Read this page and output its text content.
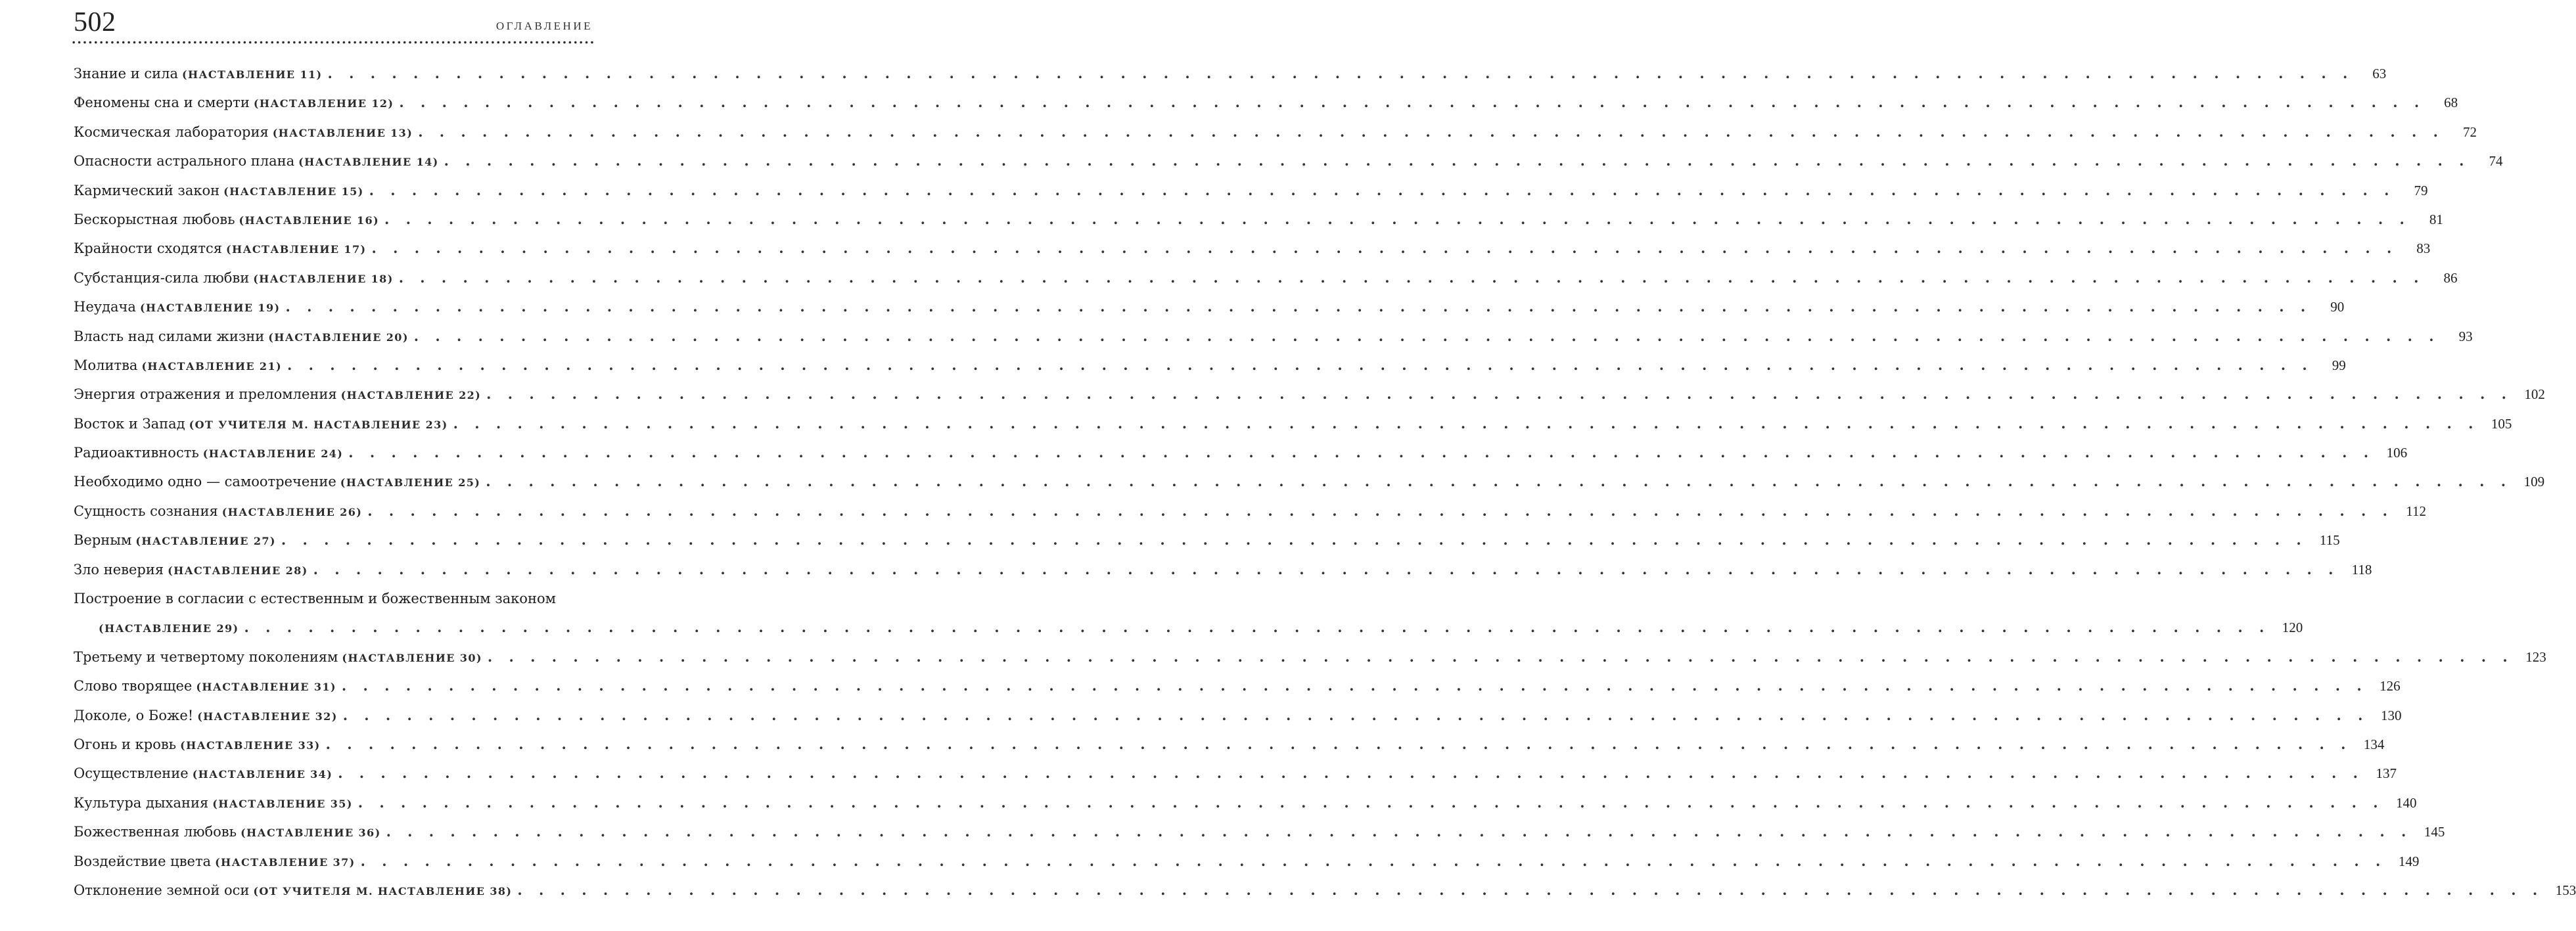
502	ОГЛАВЛЕНИЕ
Знание и сила (НАСТАВЛЕНИЕ 11) . . . . . . . . . . . . . . . . . . . . . . . . . . . . . . . . . . . . . . . . . . . . . . . . . . . . . . . . . . . . . . . . . . . . . . . . . . . . . . . . . . . . . . . . . . . . . . .	63
Феномены сна и смерти (НАСТАВЛЕНИЕ 12) . . . . . . . . . . . . . . . . . . . . . . . . . . . . . . . . . . . . . . . . . . . . . . . . . . . . . . . . . . . . . . . . . . . . . . . . . . . . . . . . . . . . . . . . . . . . . . .	68
Космическая лаборатория (НАСТАВЛЕНИЕ 13) . . . . . . . . . . . . . . . . . . . . . . . . . . . . . . . . . . . . . . . . . . . . . . . . . . . . . . . . . . . . . . . . . . . . . . . . . . . . . . . . . . . . . . . . . . . . . . .	72
Опасности астрального плана (НАСТАВЛЕНИЕ 14) . . . . . . . . . . . . . . . . . . . . . . . . . . . . . . . . . . . . . . . . . . . . . . . . . . . . . . . . . . . . . . . . . . . . . . . . . . . . . . . . . . . . . . . . . . . . . . .	74
Кармический закон (НАСТАВЛЕНИЕ 15) . . . . . . . . . . . . . . . . . . . . . . . . . . . . . . . . . . . . . . . . . . . . . . . . . . . . . . . . . . . . . . . . . . . . . . . . . . . . . . . . . . . . . . . . . . . . . . .	79
Бескорыстная любовь (НАСТАВЛЕНИЕ 16) . . . . . . . . . . . . . . . . . . . . . . . . . . . . . . . . . . . . . . . . . . . . . . . . . . . . . . . . . . . . . . . . . . . . . . . . . . . . . . . . . . . . . . . . . . . . . . .	81
Крайности сходятся (НАСТАВЛЕНИЕ 17) . . . . . . . . . . . . . . . . . . . . . . . . . . . . . . . . . . . . . . . . . . . . . . . . . . . . . . . . . . . . . . . . . . . . . . . . . . . . . . . . . . . . . . . . . . . . . . .	83
Субстанция-сила любви (НАСТАВЛЕНИЕ 18) . . . . . . . . . . . . . . . . . . . . . . . . . . . . . . . . . . . . . . . . . . . . . . . . . . . . . . . . . . . . . . . . . . . . . . . . . . . . . . . . . . . . . . . . . . . . . . .	86
Неудача (НАСТАВЛЕНИЕ 19) . . . . . . . . . . . . . . . . . . . . . . . . . . . . . . . . . . . . . . . . . . . . . . . . . . . . . . . . . . . . . . . . . . . . . . . . . . . . . . . . . . . . . . . . . . . . . . .	90
Власть над силами жизни (НАСТАВЛЕНИЕ 20) . . . . . . . . . . . . . . . . . . . . . . . . . . . . . . . . . . . . . . . . . . . . . . . . . . . . . . . . . . . . . . . . . . . . . . . . . . . . . . . . . . . . . . . . . . . . . . .	93
Молитва (НАСТАВЛЕНИЕ 21) . . . . . . . . . . . . . . . . . . . . . . . . . . . . . . . . . . . . . . . . . . . . . . . . . . . . . . . . . . . . . . . . . . . . . . . . . . . . . . . . . . . . . . . . . . . . . . .	99
Энергия отражения и преломления (НАСТАВЛЕНИЕ 22) . . . . . . . . . . . . . . . . . . . . . . . . . . . . . . . . . . . . . . . . . . . . . . . . . . . . . . . . . . . . . . . . . . . . . . . . . . . . . . . . . . . . . . . . . . . . . . . 102
Восток и Запад (ОТ УЧИТЕЛЯ М. НАСТАВЛЕНИЕ 23) . . . . . . . . . . . . . . . . . . . . . . . . . . . . . . . . . . . . . . . . . . . . . . . . . . . . . . . . . . . . . . . . . . . . . . . . . . . . . . . . . . . . . . . . . . . . . . . 105
Радиоактивность (НАСТАВЛЕНИЕ 24) . . . . . . . . . . . . . . . . . . . . . . . . . . . . . . . . . . . . . . . . . . . . . . . . . . . . . . . . . . . . . . . . . . . . . . . . . . . . . . . . . . . . . . . . . . . . . . . 106
Необходимо одно — самоотречение (НАСТАВЛЕНИЕ 25) . . . . . . . . . . . . . . . . . . . . . . . . . . . . . . . . . . . . . . . . . . . . . . . . . . . . . . . . . . . . . . . . . . . . . . . . . . . . . . . . . . . . . . . . . . . . . . . 109
Сущность сознания (НАСТАВЛЕНИЕ 26) . . . . . . . . . . . . . . . . . . . . . . . . . . . . . . . . . . . . . . . . . . . . . . . . . . . . . . . . . . . . . . . . . . . . . . . . . . . . . . . . . . . . . . . . . . . . . . . 112
Верным (НАСТАВЛЕНИЕ 27) . . . . . . . . . . . . . . . . . . . . . . . . . . . . . . . . . . . . . . . . . . . . . . . . . . . . . . . . . . . . . . . . . . . . . . . . . . . . . . . . . . . . . . . . . . . . . . . 115
Зло неверия (НАСТАВЛЕНИЕ 28) . . . . . . . . . . . . . . . . . . . . . . . . . . . . . . . . . . . . . . . . . . . . . . . . . . . . . . . . . . . . . . . . . . . . . . . . . . . . . . . . . . . . . . . . . . . . . . . 118
Построение в согласии с естественным и божественным законом
(НАСТАВЛЕНИЕ 29) . . . . . . . . . . . . . . . . . . . . . . . . . . . . . . . . . . . . . . . . . . . . . . . . . . . . . . . . . . . . . . . . . . . . . . . . . . . . . . . . . . . . . . . . . . . . . . . 120
Третьему и четвертому поколениям (НАСТАВЛЕНИЕ 30) . . . . . . . . . . . . . . . . . . . . . . . . . . . . . . . . . . . . . . . . . . . . . . . . . . . . . . . . . . . . . . . . . . . . . . . . . . . . . . . . . . . . . . . . . . . . . . . 123
Слово творящее (НАСТАВЛЕНИЕ 31) . . . . . . . . . . . . . . . . . . . . . . . . . . . . . . . . . . . . . . . . . . . . . . . . . . . . . . . . . . . . . . . . . . . . . . . . . . . . . . . . . . . . . . . . . . . . . . . 126
Доколе, о Боже! (НАСТАВЛЕНИЕ 32) . . . . . . . . . . . . . . . . . . . . . . . . . . . . . . . . . . . . . . . . . . . . . . . . . . . . . . . . . . . . . . . . . . . . . . . . . . . . . . . . . . . . . . . . . . . . . . . 130
Огонь и кровь (НАСТАВЛЕНИЕ 33) . . . . . . . . . . . . . . . . . . . . . . . . . . . . . . . . . . . . . . . . . . . . . . . . . . . . . . . . . . . . . . . . . . . . . . . . . . . . . . . . . . . . . . . . . . . . . . . 134
Осуществление (НАСТАВЛЕНИЕ 34) . . . . . . . . . . . . . . . . . . . . . . . . . . . . . . . . . . . . . . . . . . . . . . . . . . . . . . . . . . . . . . . . . . . . . . . . . . . . . . . . . . . . . . . . . . . . . . . 137
Культура дыхания (НАСТАВЛЕНИЕ 35) . . . . . . . . . . . . . . . . . . . . . . . . . . . . . . . . . . . . . . . . . . . . . . . . . . . . . . . . . . . . . . . . . . . . . . . . . . . . . . . . . . . . . . . . . . . . . . . 140
Божественная любовь (НАСТАВЛЕНИЕ 36) . . . . . . . . . . . . . . . . . . . . . . . . . . . . . . . . . . . . . . . . . . . . . . . . . . . . . . . . . . . . . . . . . . . . . . . . . . . . . . . . . . . . . . . . . . . . . . . 145
Воздействие цвета (НАСТАВЛЕНИЕ 37) . . . . . . . . . . . . . . . . . . . . . . . . . . . . . . . . . . . . . . . . . . . . . . . . . . . . . . . . . . . . . . . . . . . . . . . . . . . . . . . . . . . . . . . . . . . . . . . 149
Отклонение земной оси (ОТ УЧИТЕЛЯ М. НАСТАВЛЕНИЕ 38) . . . . . . . . . . . . . . . . . . . . . . . . . . . . . . . . . . . . . . . . . . . . . . . . . . . . . . . . . . . . . . . . . . . . . . . . . . . . . . . . . . . . . . . . . . . . . . . 153
